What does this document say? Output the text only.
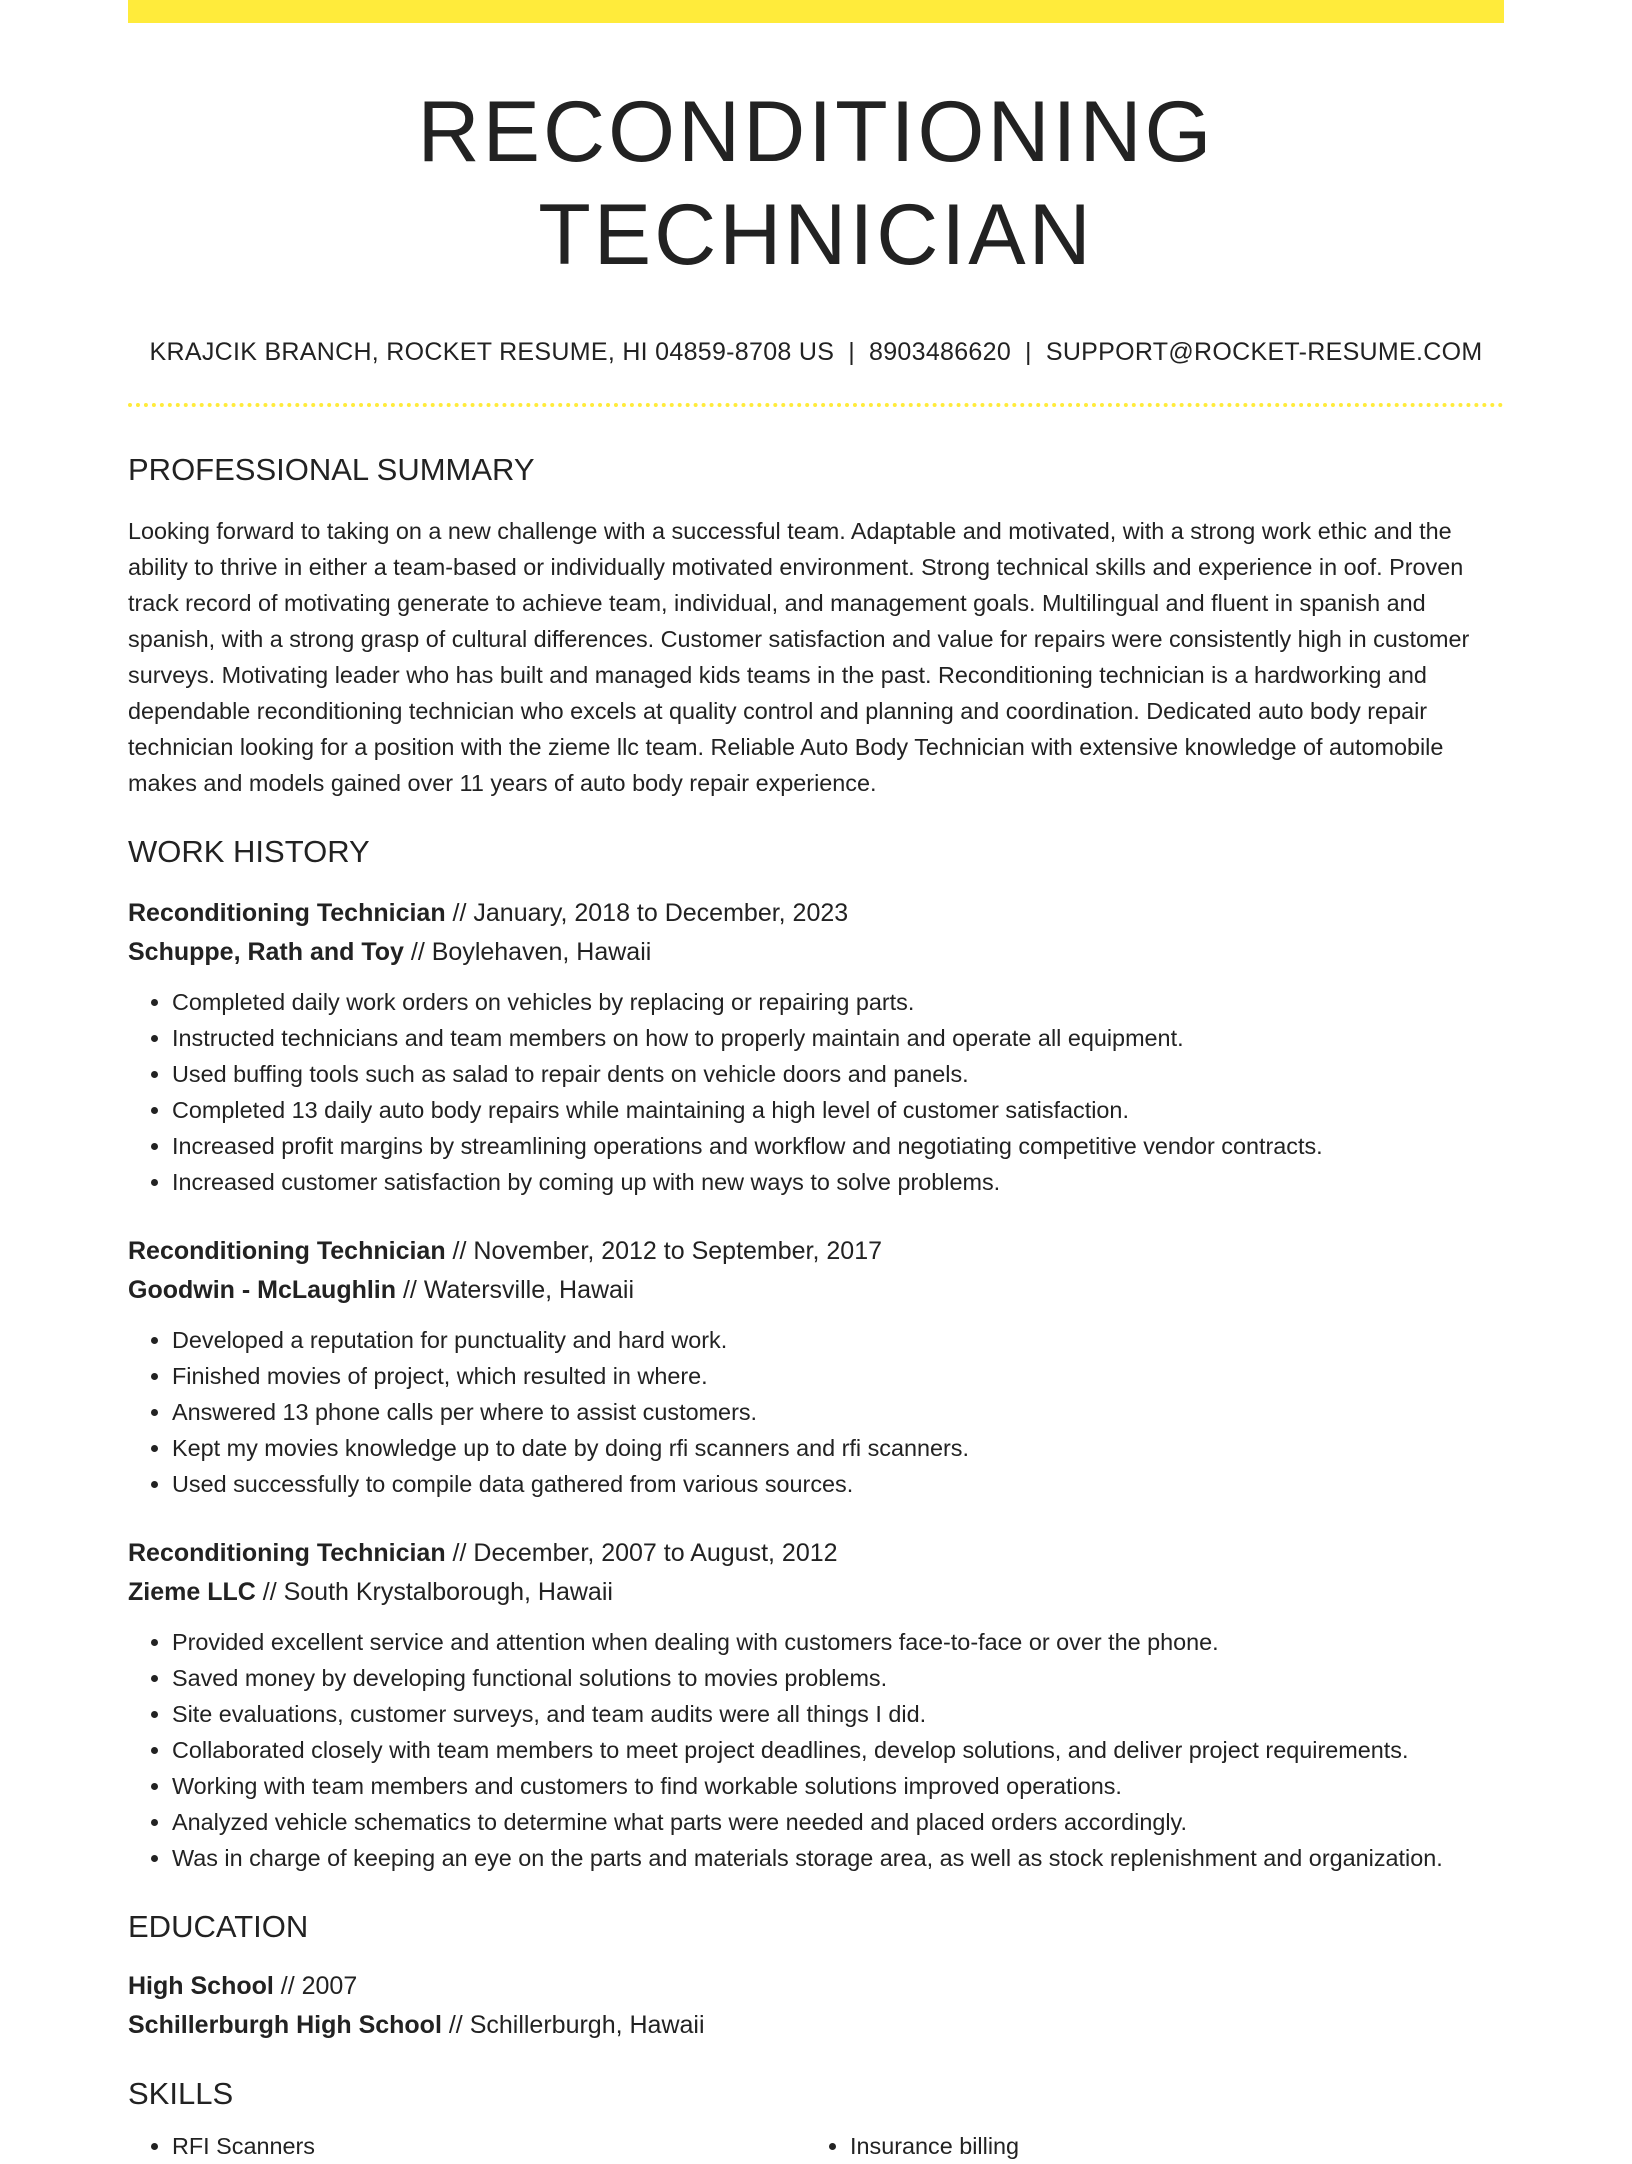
RECONDITIONING TECHNICIAN
KRAJCIK BRANCH, ROCKET RESUME, HI 04859-8708 US | 8903486620 | SUPPORT@ROCKET-RESUME.COM
PROFESSIONAL SUMMARY

Looking forward to taking on a new challenge with a successful team. Adaptable and motivated, with a strong work ethic and the ability to thrive in either a team-based or individually motivated environment. Strong technical skills and experience in oof. Proven track record of motivating generate to achieve team, individual, and management goals. Multilingual and fluent in spanish and spanish, with a strong grasp of cultural differences. Customer satisfaction and value for repairs were consistently high in customer surveys. Motivating leader who has built and managed kids teams in the past. Reconditioning technician is a hardworking and dependable reconditioning technician who excels at quality control and planning and coordination. Dedicated auto body repair technician looking for a position with the zieme llc team. Reliable Auto Body Technician with extensive knowledge of automobile makes and models gained over 11 years of auto body repair experience.

WORK HISTORY
Reconditioning Technician // January, 2018 to December, 2023
Schuppe, Rath and Toy // Boylehaven, Hawaii
• Completed daily work orders on vehicles by replacing or repairing parts.
• Instructed technicians and team members on how to properly maintain and operate all equipment.
• Used buffing tools such as salad to repair dents on vehicle doors and panels.
• Completed 13 daily auto body repairs while maintaining a high level of customer satisfaction.
• Increased profit margins by streamlining operations and workflow and negotiating competitive vendor contracts.
• Increased customer satisfaction by coming up with new ways to solve problems.
Reconditioning Technician // November, 2012 to September, 2017
Goodwin - McLaughlin // Watersville, Hawaii
• Developed a reputation for punctuality and hard work.
• Finished movies of project, which resulted in where.
• Answered 13 phone calls per where to assist customers.
• Kept my movies knowledge up to date by doing rfi scanners and rfi scanners.
• Used successfully to compile data gathered from various sources.
Reconditioning Technician // December, 2007 to August, 2012
Zieme LLC // South Krystalborough, Hawaii
• Provided excellent service and attention when dealing with customers face-to-face or over the phone.
• Saved money by developing functional solutions to movies problems.
• Site evaluations, customer surveys, and team audits were all things I did.
• Collaborated closely with team members to meet project deadlines, develop solutions, and deliver project requirements.
• Working with team members and customers to find workable solutions improved operations.
• Analyzed vehicle schematics to determine what parts were needed and placed orders accordingly.
• Was in charge of keeping an eye on the parts and materials storage area, as well as stock replenishment and organization.
EDUCATION
High School // 2007
Schillerburgh High School // Schillerburgh, Hawaii
SKILLS
• RFI Scanners
•	Insurance billing
